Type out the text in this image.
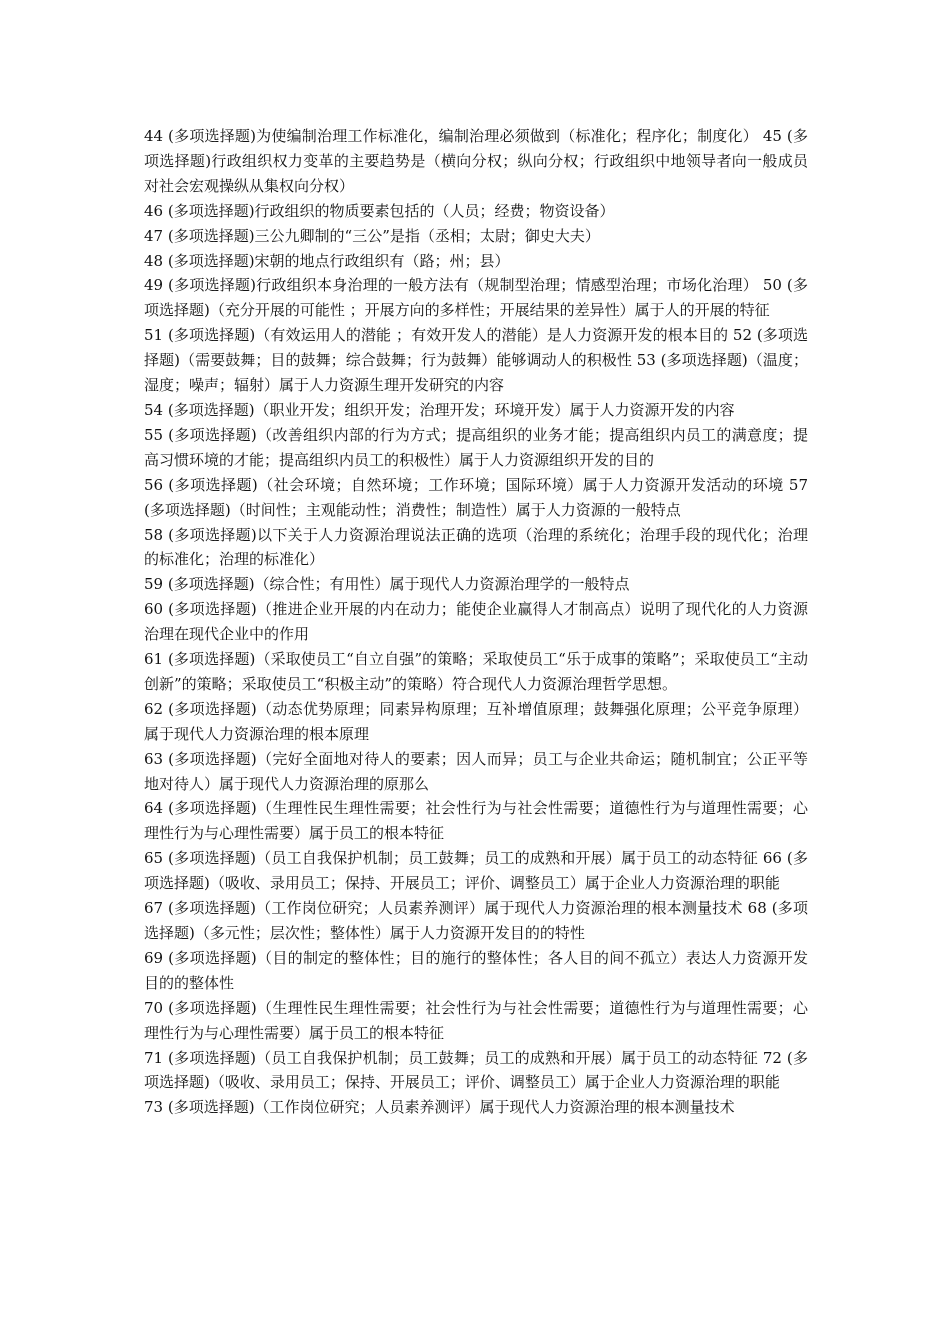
44 (多项选择题)为使编制治理工作标准化，编制治理必须做到（标准化；程序化；制度化） 45 (多项选择题)行政组织权力变革的主要趋势是（横向分权；纵向分权；行政组织中地领导者向一般成员对社会宏观操纵从集权向分权）

46 (多项选择题)行政组织的物质要素包括的（人员；经费；物资设备）

47 (多项选择题)三公九卿制的“三公”是指（丞相；太尉；御史大夫）

48 (多项选择题)宋朝的地点行政组织有（路；州；县）

49 (多项选择题)行政组织本身治理的一般方法有（规制型治理；情感型治理；市场化治理） 50 (多项选择题)（充分开展的可能性 ；开展方向的多样性；开展结果的差异性）属于人的开展的特征

51 (多项选择题)（有效运用人的潜能 ；有效开发人的潜能）是人力资源开发的根本目的 52 (多项选择题)（需要鼓舞；目的鼓舞；综合鼓舞；行为鼓舞）能够调动人的积极性 53 (多项选择题)（温度；湿度；噪声；辐射）属于人力资源生理开发研究的内容

54 (多项选择题)（职业开发；组织开发；治理开发；环境开发）属于人力资源开发的内容

55 (多项选择题)（改善组织内部的行为方式；提高组织的业务才能；提高组织内员工的满意度；提高习惯环境的才能；提高组织内员工的积极性）属于人力资源组织开发的目的

56 (多项选择题)（社会环境；自然环境；工作环境；国际环境）属于人力资源开发活动的环境 57 (多项选择题)（时间性；主观能动性；消费性；制造性）属于人力资源的一般特点

58 (多项选择题)以下关于人力资源治理说法正确的选项（治理的系统化；治理手段的现代化；治理的标准化；治理的标准化）

59 (多项选择题)（综合性；有用性）属于现代人力资源治理学的一般特点

60 (多项选择题)（推进企业开展的内在动力；能使企业赢得人才制高点）说明了现代化的人力资源治理在现代企业中的作用

61 (多项选择题)（采取使员工“自立自强”的策略；采取使员工“乐于成事的策略”；采取使员工“主动创新”的策略；采取使员工“积极主动”的策略）符合现代人力资源治理哲学思想。

62 (多项选择题)（动态优势原理；同素异构原理；互补增值原理；鼓舞强化原理；公平竞争原理）属于现代人力资源治理的根本原理

63 (多项选择题)（完好全面地对待人的要素；因人而异；员工与企业共命运；随机制宜；公正平等地对待人）属于现代人力资源治理的原那么

64 (多项选择题)（生理性民生理性需要；社会性行为与社会性需要；道德性行为与道理性需要；心理性行为与心理性需要）属于员工的根本特征

65 (多项选择题)（员工自我保护机制；员工鼓舞；员工的成熟和开展）属于员工的动态特征 66 (多项选择题)（吸收、录用员工；保持、开展员工；评价、调整员工）属于企业人力资源治理的职能

67 (多项选择题)（工作岗位研究；人员素养测评）属于现代人力资源治理的根本测量技术 68 (多项选择题)（多元性；层次性；整体性）属于人力资源开发目的的特性

69 (多项选择题)（目的制定的整体性；目的施行的整体性；各人目的间不孤立）表达人力资源开发目的的整体性

70 (多项选择题)（生理性民生理性需要；社会性行为与社会性需要；道德性行为与道理性需要；心理性行为与心理性需要）属于员工的根本特征

71 (多项选择题)（员工自我保护机制；员工鼓舞；员工的成熟和开展）属于员工的动态特征 72 (多项选择题)（吸收、录用员工；保持、开展员工；评价、调整员工）属于企业人力资源治理的职能

73 (多项选择题)（工作岗位研究；人员素养测评）属于现代人力资源治理的根本测量技术
